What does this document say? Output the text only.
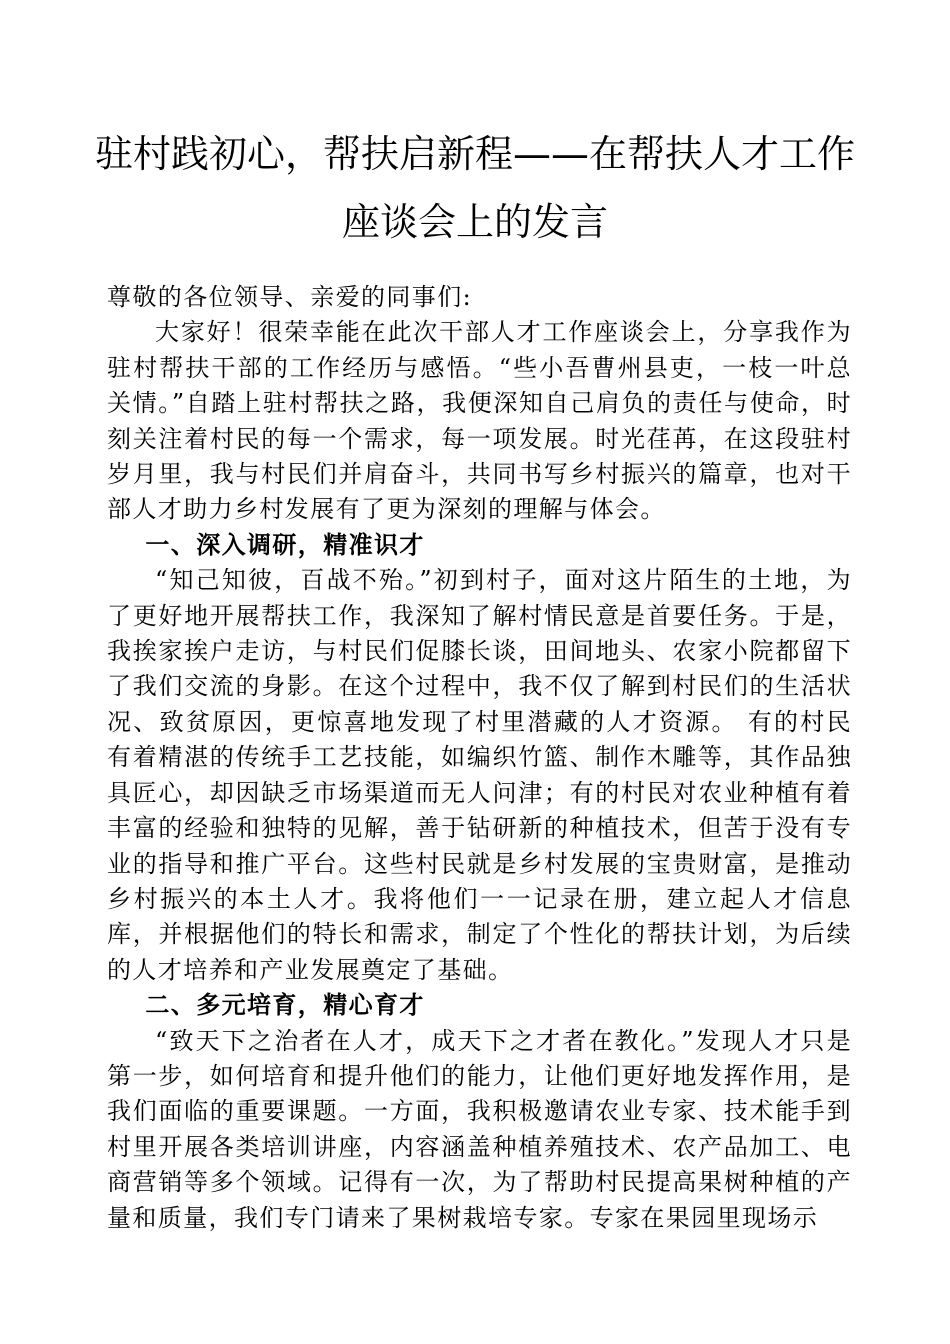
驻村践初心，帮扶启新程——在帮扶人才工作
座谈会上的发言

尊敬的各位领导、亲爱的同事们:

大家好！很荣幸能在此次干部人才工作座谈会上，分享我作为驻村帮扶干部的工作经历与感悟。“些小吾曹州县吏，一枝一叶总关情。”自踏上驻村帮扶之路，我便深知自己肩负的责任与使命，时刻关注着村民的每一个需求，每一项发展。时光荏苒，在这段驻村岁月里，我与村民们并肩奋斗，共同书写乡村振兴的篇章，也对干部人才助力乡村发展有了更为深刻的理解与体会。

一、深入调研，精准识才

“知己知彼，百战不殆。”初到村子，面对这片陌生的土地，为了更好地开展帮扶工作，我深知了解村情民意是首要任务。于是，我挨家挨户走访，与村民们促膝长谈，田间地头、农家小院都留下了我们交流的身影。在这个过程中，我不仅了解到村民们的生活状况、致贫原因，更惊喜地发现了村里潜藏的人才资源。 有的村民有着精湛的传统手工艺技能，如编织竹篮、制作木雕等，其作品独具匠心，却因缺乏市场渠道而无人问津；有的村民对农业种植有着丰富的经验和独特的见解，善于钻研新的种植技术，但苦于没有专业的指导和推广平台。这些村民就是乡村发展的宝贵财富，是推动乡村振兴的本土人才。我将他们一一记录在册，建立起人才信息库，并根据他们的特长和需求，制定了个性化的帮扶计划，为后续的人才培养和产业发展奠定了基础。

二、多元培育，精心育才

“致天下之治者在人才，成天下之才者在教化。”发现人才只是第一步，如何培育和提升他们的能力，让他们更好地发挥作用，是我们面临的重要课题。一方面，我积极邀请农业专家、技术能手到村里开展各类培训讲座，内容涵盖种植养殖技术、农产品加工、电商营销等多个领域。记得有一次，为了帮助村民提高果树种植的产量和质量，我们专门请来了果树栽培专家。专家在果园里现场示
